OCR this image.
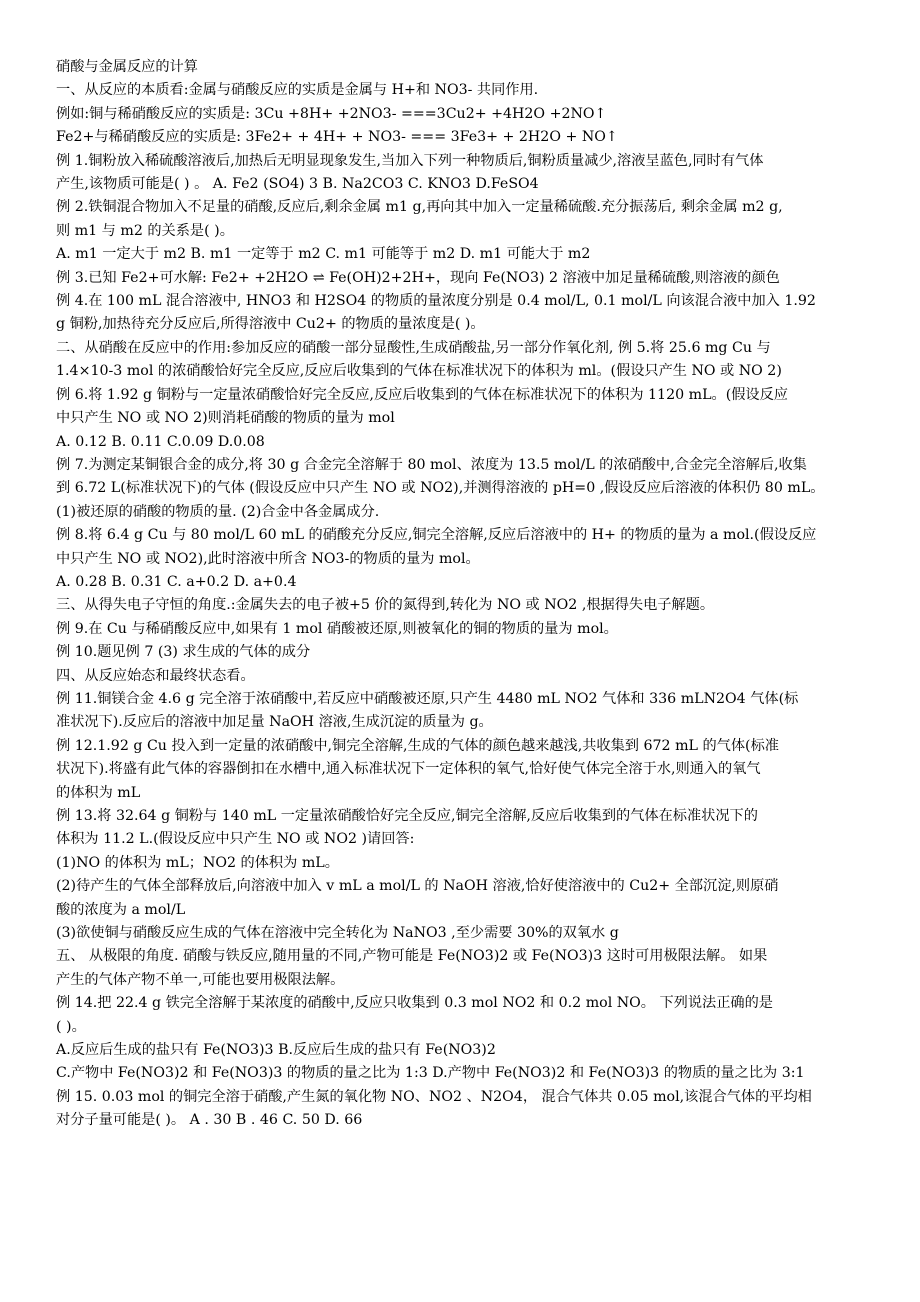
硝酸与金属反应的计算
一、从反应的本质看:金属与硝酸反应的实质是金属与 H+和 NO3- 共同作用.
例如:铜与稀硝酸反应的实质是: 3Cu +8H+ +2NO3- ===3Cu2+ +4H2O +2NO↑
Fe2+与稀硝酸反应的实质是: 3Fe2+ + 4H+ + NO3- === 3Fe3+ + 2H2O + NO↑
例 1.铜粉放入稀硫酸溶液后,加热后无明显现象发生,当加入下列一种物质后,铜粉质量减少,溶液呈蓝色,同时有气体
产生,该物质可能是( ) 。 A. Fe2 (SO4) 3 B. Na2CO3 C. KNO3 D.FeSO4
例 2.铁铜混合物加入不足量的硝酸,反应后,剩余金属 m1 g,再向其中加入一定量稀硫酸.充分振荡后, 剩余金属 m2 g,
则 m1 与 m2 的关系是( )。
A. m1 一定大于 m2 B. m1 一定等于 m2 C. m1 可能等于 m2 D. m1 可能大于 m2
例 3.已知 Fe2+可水解: Fe2+ +2H2O ⇌ Fe(OH)2+2H+，现向 Fe(NO3) 2 溶液中加足量稀硫酸,则溶液的颜色
例 4.在 100 mL 混合溶液中, HNO3 和 H2SO4 的物质的量浓度分别是 0.4 mol/L, 0.1 mol/L 向该混合液中加入 1.92
g 铜粉,加热待充分反应后,所得溶液中 Cu2+ 的物质的量浓度是( )。
二、从硝酸在反应中的作用:参加反应的硝酸一部分显酸性,生成硝酸盐,另一部分作氧化剂, 例 5.将 25.6 mg Cu 与
1.4×10-3 mol 的浓硝酸恰好完全反应,反应后收集到的气体在标准状况下的体积为 ml。(假设只产生 NO 或 NO 2)
例 6.将 1.92 g 铜粉与一定量浓硝酸恰好完全反应,反应后收集到的气体在标准状况下的体积为 1120 mL。(假设反应
中只产生 NO 或 NO 2)则消耗硝酸的物质的量为 mol
A. 0.12 B. 0.11 C.0.09 D.0.08
例 7.为测定某铜银合金的成分,将 30 g 合金完全溶解于 80 mol、浓度为 13.5 mol/L 的浓硝酸中,合金完全溶解后,收集
到 6.72 L(标准状况下)的气体 (假设反应中只产生 NO 或 NO2),并测得溶液的 pH=0 ,假设反应后溶液的体积仍 80 mL。
(1)被还原的硝酸的物质的量. (2)合金中各金属成分.
例 8.将 6.4 g Cu 与 80 mol/L 60 mL 的硝酸充分反应,铜完全溶解,反应后溶液中的 H+ 的物质的量为 a mol.(假设反应
中只产生 NO 或 NO2),此时溶液中所含 NO3-的物质的量为 mol。
A. 0.28 B. 0.31 C. a+0.2 D. a+0.4
三、从得失电子守恒的角度.:金属失去的电子被+5 价的氮得到,转化为 NO 或 NO2 ,根据得失电子解题。
例 9.在 Cu 与稀硝酸反应中,如果有 1 mol 硝酸被还原,则被氧化的铜的物质的量为 mol。
例 10.题见例 7 (3) 求生成的气体的成分
四、从反应始态和最终状态看。
例 11.铜镁合金 4.6 g 完全溶于浓硝酸中,若反应中硝酸被还原,只产生 4480 mL NO2 气体和 336 mLN2O4 气体(标
准状况下).反应后的溶液中加足量 NaOH 溶液,生成沉淀的质量为 g。
例 12.1.92 g Cu 投入到一定量的浓硝酸中,铜完全溶解,生成的气体的颜色越来越浅,共收集到 672 mL 的气体(标准
状况下).将盛有此气体的容器倒扣在水槽中,通入标准状况下一定体积的氧气,恰好使气体完全溶于水,则通入的氧气
的体积为 mL
例 13.将 32.64 g 铜粉与 140 mL 一定量浓硝酸恰好完全反应,铜完全溶解,反应后收集到的气体在标准状况下的
体积为 11.2 L.(假设反应中只产生 NO 或 NO2 )请回答:
(1)NO 的体积为 mL；NO2 的体积为 mL。
(2)待产生的气体全部释放后,向溶液中加入 v mL a mol/L 的 NaOH 溶液,恰好使溶液中的 Cu2+ 全部沉淀,则原硝
酸的浓度为 a mol/L
(3)欲使铜与硝酸反应生成的气体在溶液中完全转化为 NaNO3 ,至少需要 30%的双氧水 g
五、 从极限的角度. 硝酸与铁反应,随用量的不同,产物可能是 Fe(NO3)2 或 Fe(NO3)3 这时可用极限法解。 如果
产生的气体产物不单一,可能也要用极限法解。
例 14.把 22.4 g 铁完全溶解于某浓度的硝酸中,反应只收集到 0.3 mol NO2 和 0.2 mol NO。 下列说法正确的是
( )。
A.反应后生成的盐只有 Fe(NO3)3 B.反应后生成的盐只有 Fe(NO3)2
C.产物中 Fe(NO3)2 和 Fe(NO3)3 的物质的量之比为 1:3 D.产物中 Fe(NO3)2 和 Fe(NO3)3 的物质的量之比为 3:1
例 15. 0.03 mol 的铜完全溶于硝酸,产生氮的氧化物 NO、NO2 、N2O4， 混合气体共 0.05 mol,该混合气体的平均相
对分子量可能是( )。 A . 30 B . 46 C. 50 D. 66
